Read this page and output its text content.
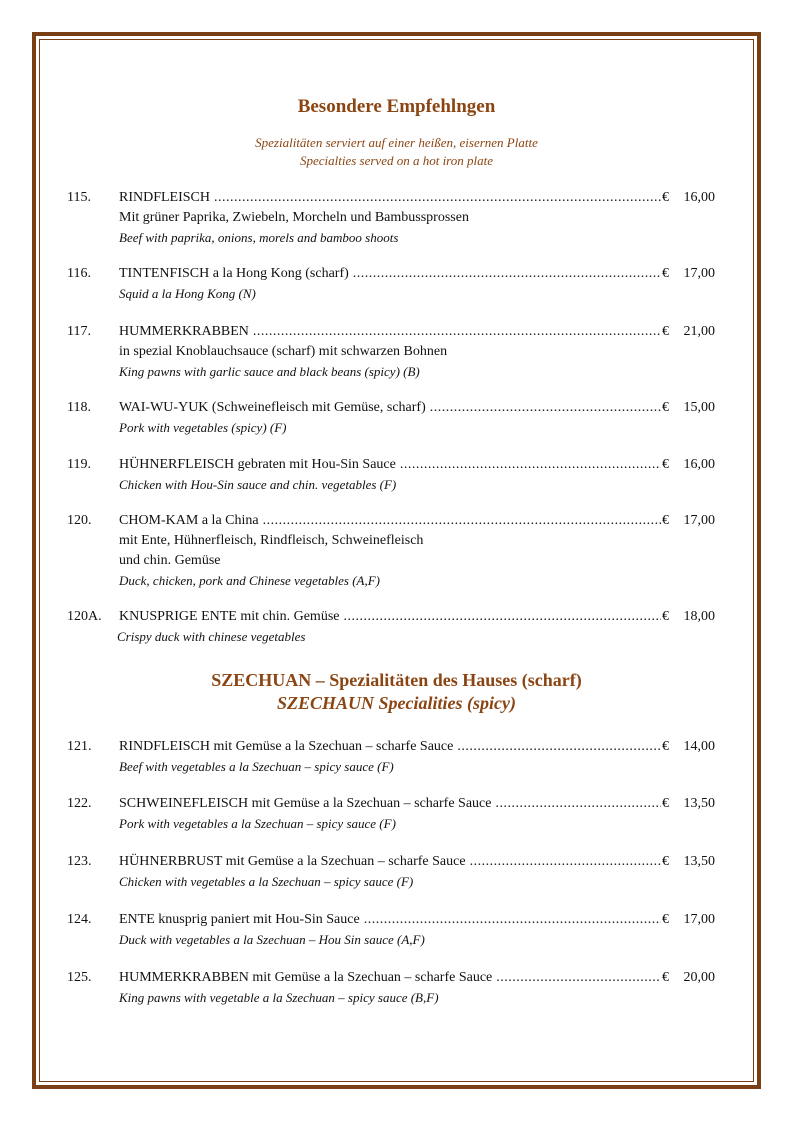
Besondere Empfehlngen

Spezialitäten serviert auf einer heißen, eisernen Platte

Specialties served on a hot iron plate

115. RINDFLEISCH .....	€ 16,00
Mit grüner Paprika, Zwiebeln, Morcheln und Bambussprossen
Beef with paprika, onions, morels and bamboo shoots
116. TINTENFISCH a la Hong Kong (scharf) .....	€ 17,00
Squid a la Hong Kong (N)
117. HUMMERKRABBEN .....	€ 21,00
in spezial Knoblauchsauce (scharf) mit schwarzen Bohnen
King pawns with garlic sauce and black beans (spicy) (B)
118. WAI-WU-YUK (Schweinefleisch mit Gemüse, scharf) .....	€ 15,00
Pork with vegetables (spicy) (F)
119. HÜHNERFLEISCH gebraten mit Hou-Sin Sauce .....	€ 16,00
Chicken with Hou-Sin sauce and chin. vegetables (F)
120. CHOM-KAM a la China .....	€ 17,00
mit Ente, Hühnerfleisch, Rindfleisch, Schweinefleisch
und chin. Gemüse
Duck, chicken, pork and Chinese vegetables (A,F)
120A. KNUSPRIGE ENTE mit chin. Gemüse .....	€ 18,00
Crispy duck with chinese vegetables
SZECHUAN – Spezialitäten des Hauses (scharf)
SZECHAUN Specialities (spicy)
121. RINDFLEISCH mit Gemüse a la Szechuan – scharfe Sauce .....	€ 14,00
Beef with vegetables a la Szechuan – spicy sauce (F)
122. SCHWEINEFLEISCH mit Gemüse a la Szechuan – scharfe Sauce .....	€ 13,50
Pork with vegetables a la Szechuan – spicy sauce (F)
123. HÜHNERBRUST mit Gemüse a la Szechuan – scharfe Sauce .....	€ 13,50
Chicken with vegetables a la Szechuan – spicy sauce (F)
124. ENTE knusprig paniert mit Hou-Sin Sauce .....	€ 17,00
Duck with vegetables a la Szechuan – Hou Sin sauce (A,F)
125. HUMMERKRABBEN mit Gemüse a la Szechuan – scharfe Sauce .....	€ 20,00
King pawns with vegetable a la Szechuan – spicy sauce (B,F)
